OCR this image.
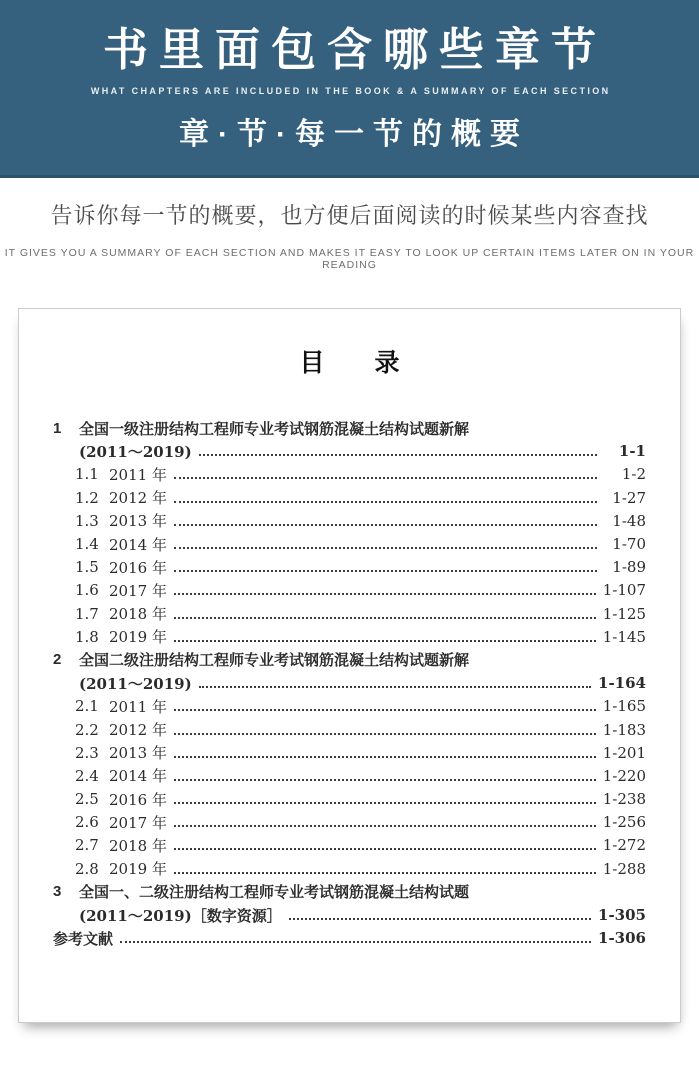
书里面包含哪些章节
WHAT CHAPTERS ARE INCLUDED IN THE BOOK & A SUMMARY OF EACH SECTION
章·节·每一节的概要

告诉你每一节的概要，也方便后面阅读的时候某些内容查找

IT GIVES YOU A SUMMARY OF EACH SECTION AND MAKES IT EASY TO LOOK UP CERTAIN ITEMS LATER ON IN YOUR READING

目　　录
1	全国一级注册结构工程师专业考试钢筋混凝土结构试题新解
(2011～2019)	1-1
1.1 2011 年	1-2
1.2 2012 年	1-27
1.3 2013 年	1-48
1.4 2014 年	1-70
1.5 2016 年	1-89
1.6 2017 年	1-107
1.7 2018 年	1-125
1.8 2019 年	1-145
2	全国二级注册结构工程师专业考试钢筋混凝土结构试题新解
(2011～2019)	1-164
2.1 2011 年	1-165
2.2 2012 年	1-183
2.3 2013 年	1-201
2.4 2014 年	1-220
2.5 2016 年	1-238
2.6 2017 年	1-256
2.7 2018 年	1-272
2.8 2019 年	1-288
3	全国一、二级注册结构工程师专业考试钢筋混凝土结构试题
(2011～2019)［数字资源］	1-305
参考文献	1-306
